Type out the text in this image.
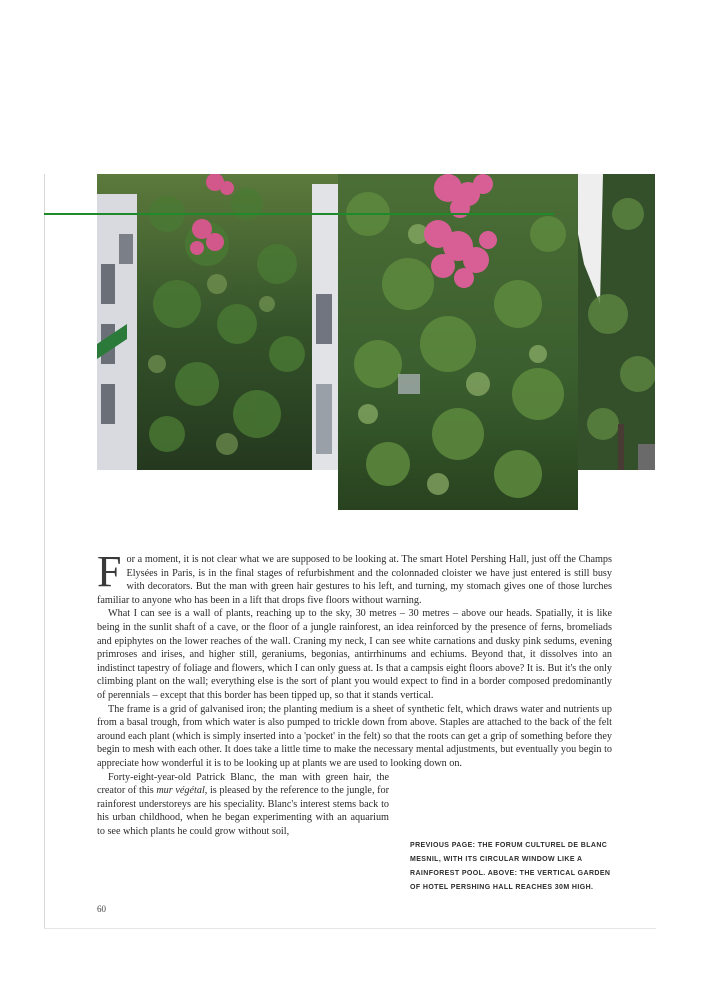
For a moment, it is not clear what we are supposed to be looking at. The smart Hotel Pershing Hall, just off the Champs Elysées in Paris, is in the final stages of refurbishment and the colonnaded cloister we have just entered is still busy with decorators. But the man with green hair gestures to his left, and turning, my stomach gives one of those lurches familiar to anyone who has been in a lift that drops five floors without warning.

What I can see is a wall of plants, reaching up to the sky, 30 metres – 30 metres – above our heads. Spatially, it is like being in the sunlit shaft of a cave, or the floor of a jungle rainforest, an idea reinforced by the presence of ferns, bromeliads and epiphytes on the lower reaches of the wall. Craning my neck, I can see white carnations and dusky pink sedums, evening primroses and irises, and higher still, geraniums, begonias, antirrhinums and echiums. Beyond that, it dissolves into an indistinct tapestry of foliage and flowers, which I can only guess at. Is that a campsis eight floors above? It is. But it's the only climbing plant on the wall; everything else is the sort of plant you would expect to find in a border composed predominantly of perennials – except that this border has been tipped up, so that it stands vertical.

The frame is a grid of galvanised iron; the planting medium is a sheet of synthetic felt, which draws water and nutrients up from a basal trough, from which water is also pumped to trickle down from above. Staples are attached to the back of the felt around each plant (which is simply inserted into a 'pocket' in the felt) so that the roots can get a grip of something before they begin to mesh with each other. It does take a little time to make the necessary mental adjustments, but eventually you begin to appreciate how wonderful it is to be looking up at plants we are used to looking down on.

Forty-eight-year-old Patrick Blanc, the man with green hair, the creator of this mur végétal, is pleased by the reference to the jungle, for rainforest understoreys are his speciality. Blanc's interest stems back to his urban childhood, when he began experimenting with an aquarium to see which plants he could grow without soil,

PREVIOUS PAGE: THE FORUM CULTUREL DE BLANC MESNIL, WITH ITS CIRCULAR WINDOW LIKE A RAINFOREST POOL. ABOVE: THE VERTICAL GARDEN OF HOTEL PERSHING HALL REACHES 30M HIGH.
60
